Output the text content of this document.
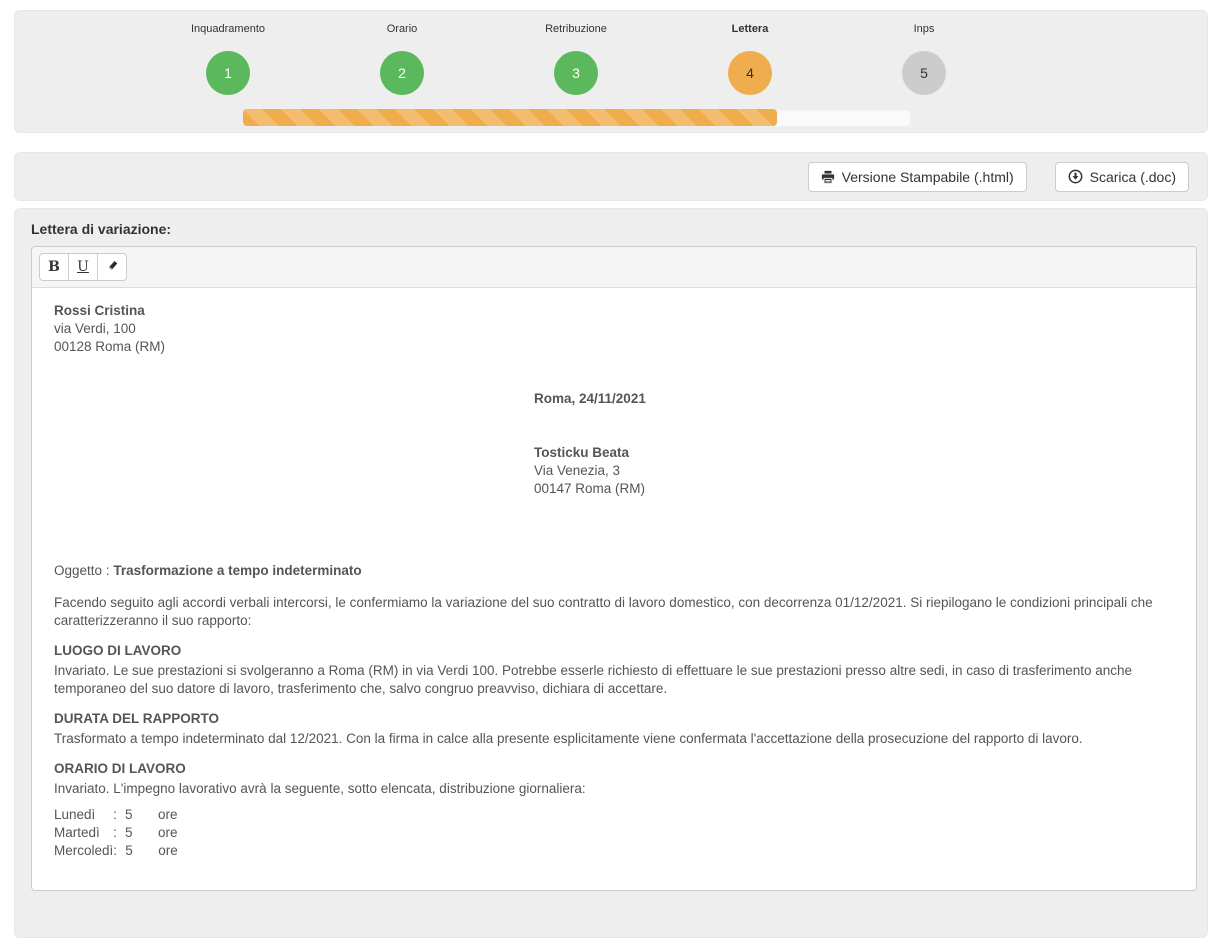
Inquadramento
1
Orario
2
Retribuzione
3
Lettera
4
Inps
5
Versione Stampabile (.html)	Scarica (.doc)
Lettera di variazione:
B U
Rossi Cristina
via Verdi, 100
00128 Roma (RM)
Roma, 24/11/2021
Tosticku Beata
Via Venezia, 3
00147 Roma (RM)
Oggetto : Trasformazione a tempo indeterminato

Facendo seguito agli accordi verbali intercorsi, le confermiamo la variazione del suo contratto di lavoro domestico, con decorrenza 01/12/2021. Si riepilogano le condizioni principali che caratterizzeranno il suo rapporto:

LUOGO DI LAVORO

Invariato. Le sue prestazioni si svolgeranno a Roma (RM) in via Verdi 100. Potrebbe esserle richiesto di effettuare le sue prestazioni presso altre sedi, in caso di trasferimento anche temporaneo del suo datore di lavoro, trasferimento che, salvo congruo preavviso, dichiara di accettare.

DURATA DEL RAPPORTO

Trasformato a tempo indeterminato dal 12/2021. Con la firma in calce alla presente esplicitamente viene confermata l'accettazione della prosecuzione del rapporto di lavoro.

ORARIO DI LAVORO

Invariato. L'impegno lavorativo avrà la seguente, sotto elencata, distribuzione giornaliera:

Lunedì : 5 ore
Martedì : 5 ore
Mercoledì: 5 ore
